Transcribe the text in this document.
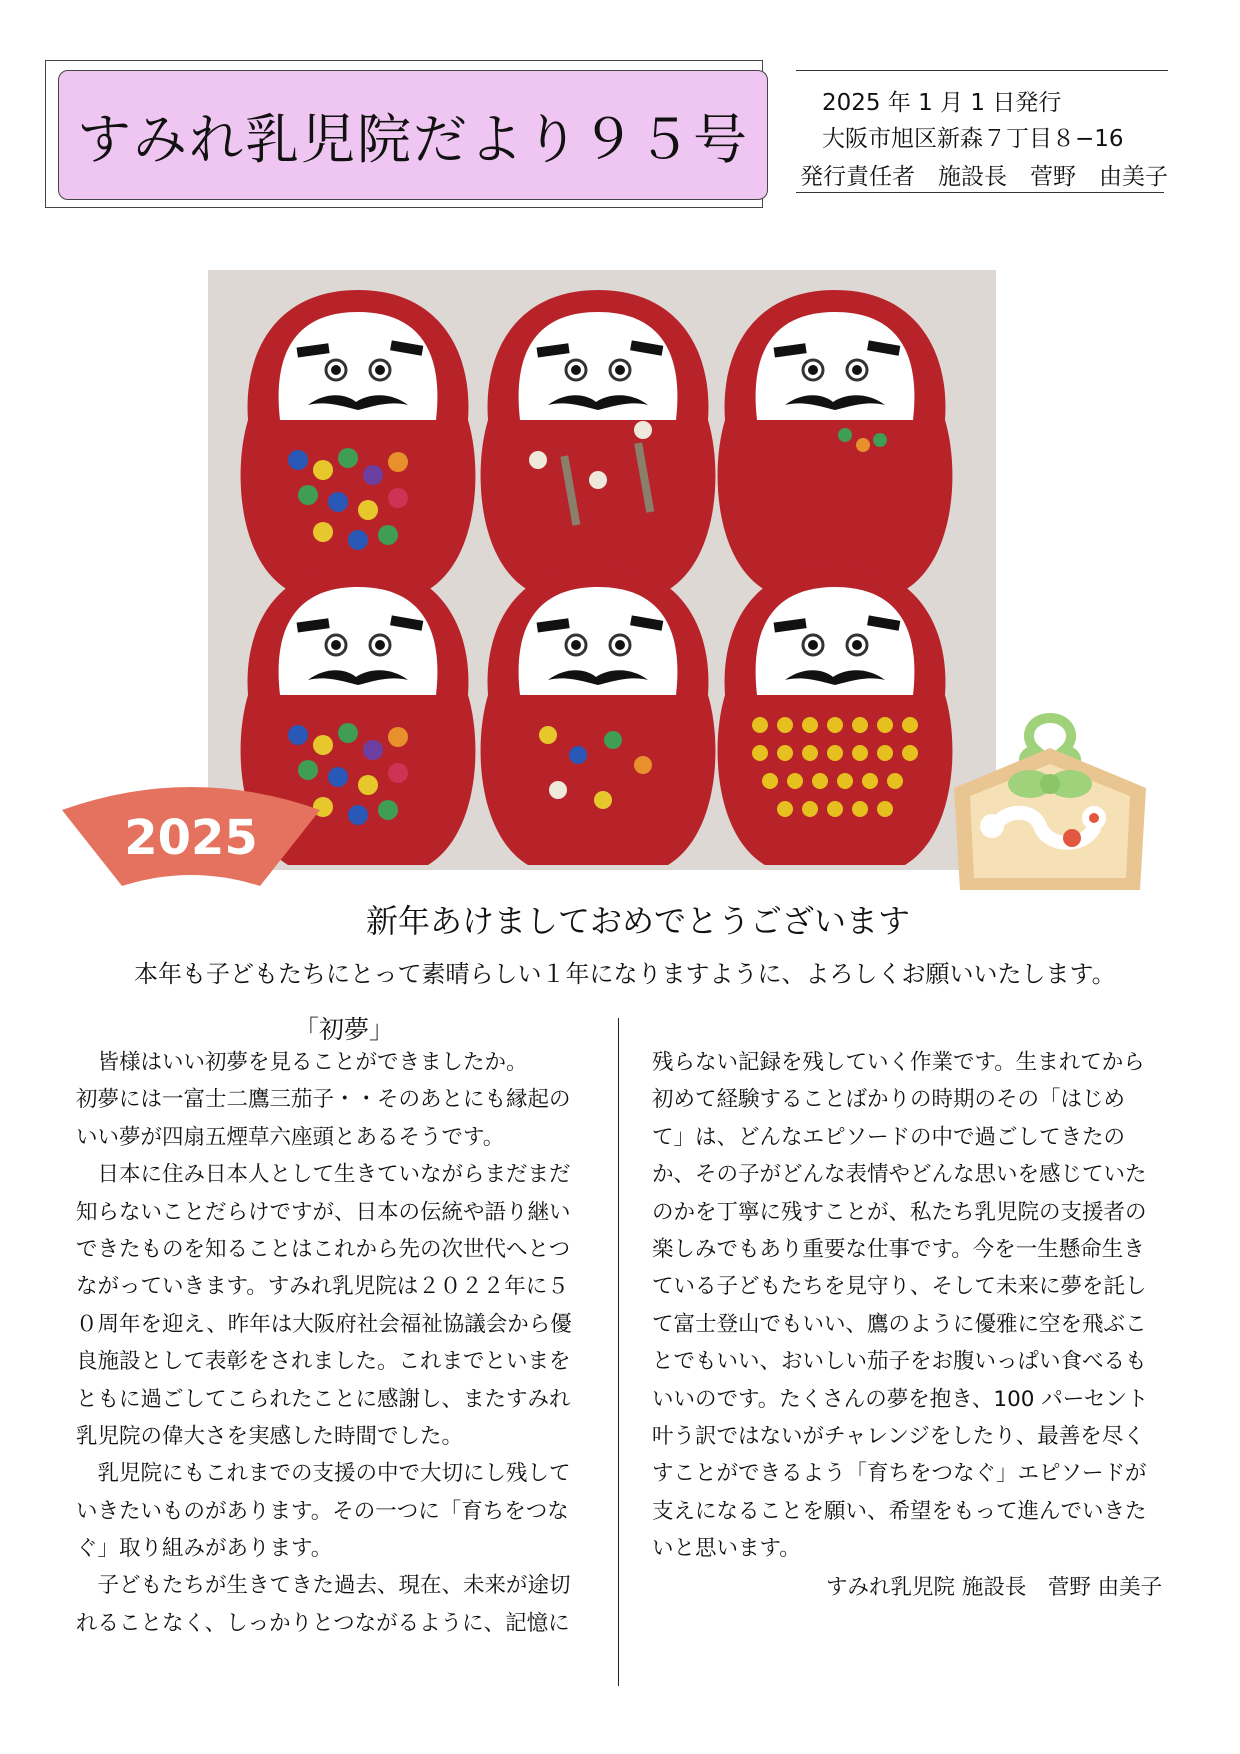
すみれ乳児院だより９５号
2025 年 1 月 1 日発行
大阪市旭区新森７丁目８−16
発行責任者　施設長　菅野　由美子
2025
新年あけましておめでとうございます
本年も子どもたちにとって素晴らしい１年になりますように、よろしくお願いいたします。
「初夢」
　皆様はいい初夢を見ることができましたか。
初夢には一富士二鷹三茄子・・そのあとにも縁起の
いい夢が四扇五煙草六座頭とあるそうです。
　日本に住み日本人として生きていながらまだまだ
知らないことだらけですが、日本の伝統や語り継い
できたものを知ることはこれから先の次世代へとつ
ながっていきます。すみれ乳児院は２０２２年に５
０周年を迎え、昨年は大阪府社会福祉協議会から優
良施設として表彰をされました。これまでといまを
ともに過ごしてこられたことに感謝し、またすみれ
乳児院の偉大さを実感した時間でした。
　乳児院にもこれまでの支援の中で大切にし残して
いきたいものがあります。その一つに「育ちをつな
ぐ」取り組みがあります。
　子どもたちが生きてきた過去、現在、未来が途切
れることなく、しっかりとつながるように、記憶に
残らない記録を残していく作業です。生まれてから
初めて経験することばかりの時期のその「はじめ
て」は、どんなエピソードの中で過ごしてきたの
か、その子がどんな表情やどんな思いを感じていた
のかを丁寧に残すことが、私たち乳児院の支援者の
楽しみでもあり重要な仕事です。今を一生懸命生き
ている子どもたちを見守り、そして未来に夢を託し
て富士登山でもいい、鷹のように優雅に空を飛ぶこ
とでもいい、おいしい茄子をお腹いっぱい食べるも
いいのです。たくさんの夢を抱き、100 パーセント
叶う訳ではないがチャレンジをしたり、最善を尽く
すことができるよう「育ちをつなぐ」エピソードが
支えになることを願い、希望をもって進んでいきた
いと思います。
すみれ乳児院 施設長　菅野 由美子
